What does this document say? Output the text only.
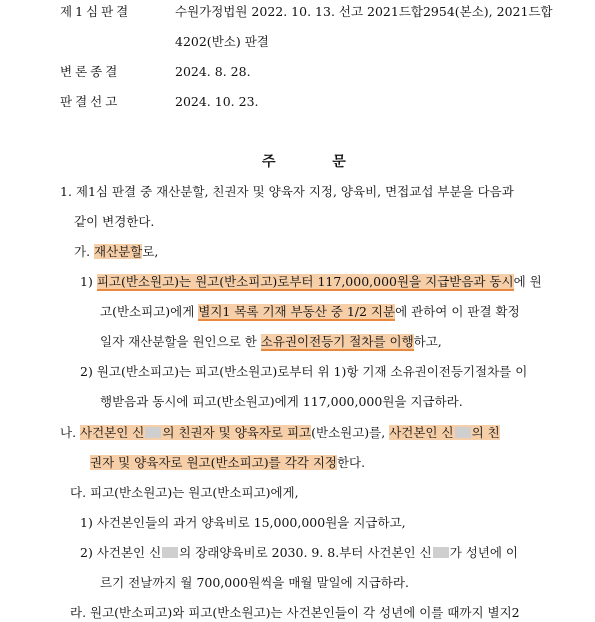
제1심판결	수원가정법원 2022. 10. 13. 선고 2021드합2954(본소), 2021드합
4202(반소) 판결
변론종결	2024. 8. 28.
판결선고	2024. 10. 23.
주	문
1. 제1심 판결 중 재산분할, 친권자 및 양육자 지정, 양육비, 면접교섭 부분을 다음과
같이 변경한다.
가. 재산분할로,
1) 피고(반소원고)는 원고(반소피고)로부터 117,000,000원을 지급받음과 동시에 원
고(반소피고)에게 별지1 목록 기재 부동산 중 1/2 지분에 관하여 이 판결 확정
일자 재산분할을 원인으로 한 소유권이전등기 절차를 이행하고,
2) 원고(반소피고)는 피고(반소원고)로부터 위 1)항 기재 소유권이전등기절차를 이
행받음과 동시에 피고(반소원고)에게 117,000,000원을 지급하라.
나. 사건본인 신 의 친권자 및 양육자로 피고(반소원고)를, 사건본인 신 의 친
권자 및 양육자로 원고(반소피고)를 각각 지정한다.
다. 피고(반소원고)는 원고(반소피고)에게,
1) 사건본인들의 과거 양육비로 15,000,000원을 지급하고,
2) 사건본인 신 의 장래양육비로 2030. 9. 8.부터 사건본인 신 가 성년에 이
르기 전날까지 월 700,000원씩을 매월 말일에 지급하라.
라. 원고(반소피고)와 피고(반소원고)는 사건본인들이 각 성년에 이를 때까지 별지2
